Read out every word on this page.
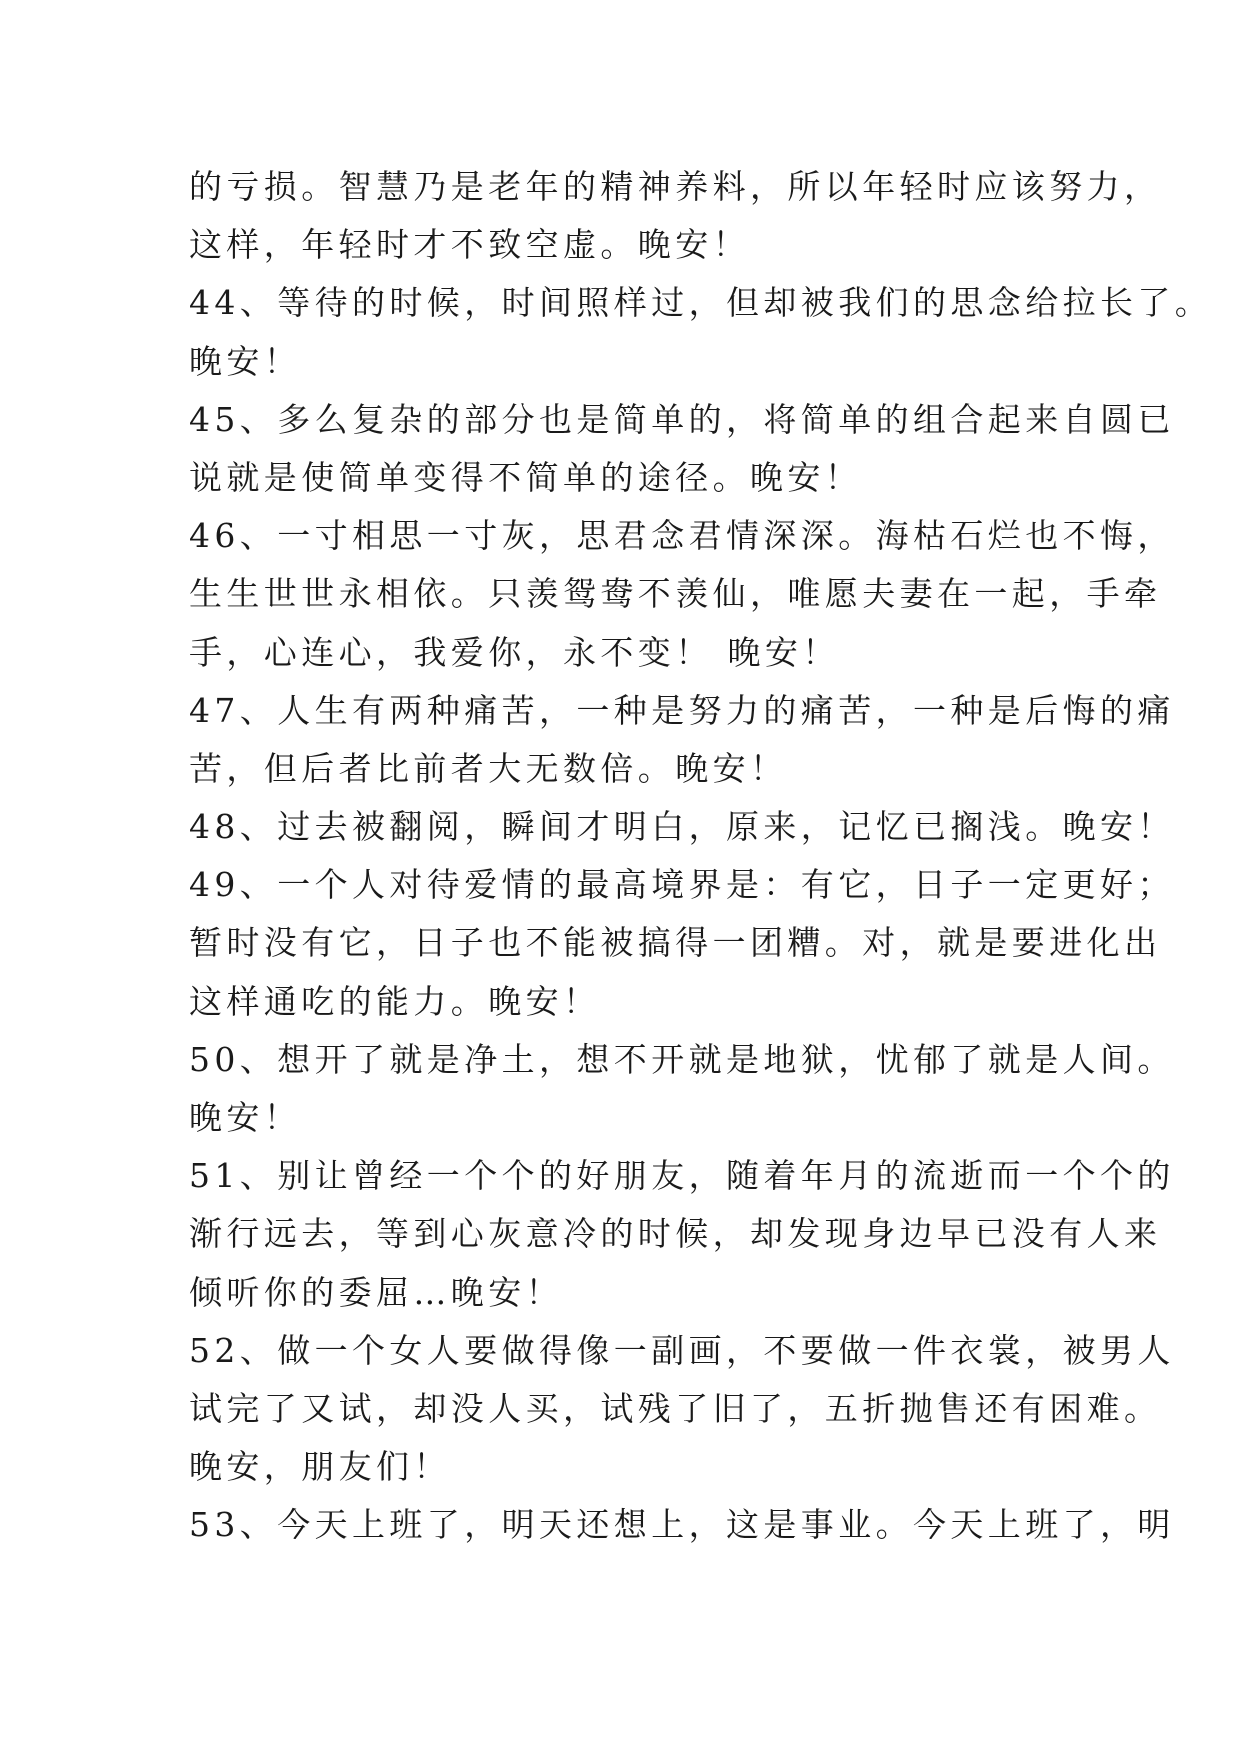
的亏损。智慧乃是老年的精神养料，所以年轻时应该努力，
这样，年轻时才不致空虚。晚安！
44、等待的时候，时间照样过，但却被我们的思念给拉长了。
晚安！
45、多么复杂的部分也是简单的，将简单的组合起来自圆已
说就是使简单变得不简单的途径。晚安！
46、一寸相思一寸灰，思君念君情深深。海枯石烂也不悔，
生生世世永相依。只羡鸳鸯不羡仙，唯愿夫妻在一起，手牵
手，心连心，我爱你，永不变！ 晚安！
47、人生有两种痛苦，一种是努力的痛苦，一种是后悔的痛
苦，但后者比前者大无数倍。晚安！
48、过去被翻阅，瞬间才明白，原来，记忆已搁浅。晚安！
49、一个人对待爱情的最高境界是：有它，日子一定更好；
暂时没有它，日子也不能被搞得一团糟。对，就是要进化出
这样通吃的能力。晚安！
50、想开了就是净土，想不开就是地狱，忧郁了就是人间。
晚安！
51、别让曾经一个个的好朋友，随着年月的流逝而一个个的
渐行远去，等到心灰意冷的时候，却发现身边早已没有人来
倾听你的委屈…晚安！
52、做一个女人要做得像一副画，不要做一件衣裳，被男人
试完了又试，却没人买，试残了旧了，五折抛售还有困难。
晚安，朋友们！
53、今天上班了，明天还想上，这是事业。今天上班了，明
